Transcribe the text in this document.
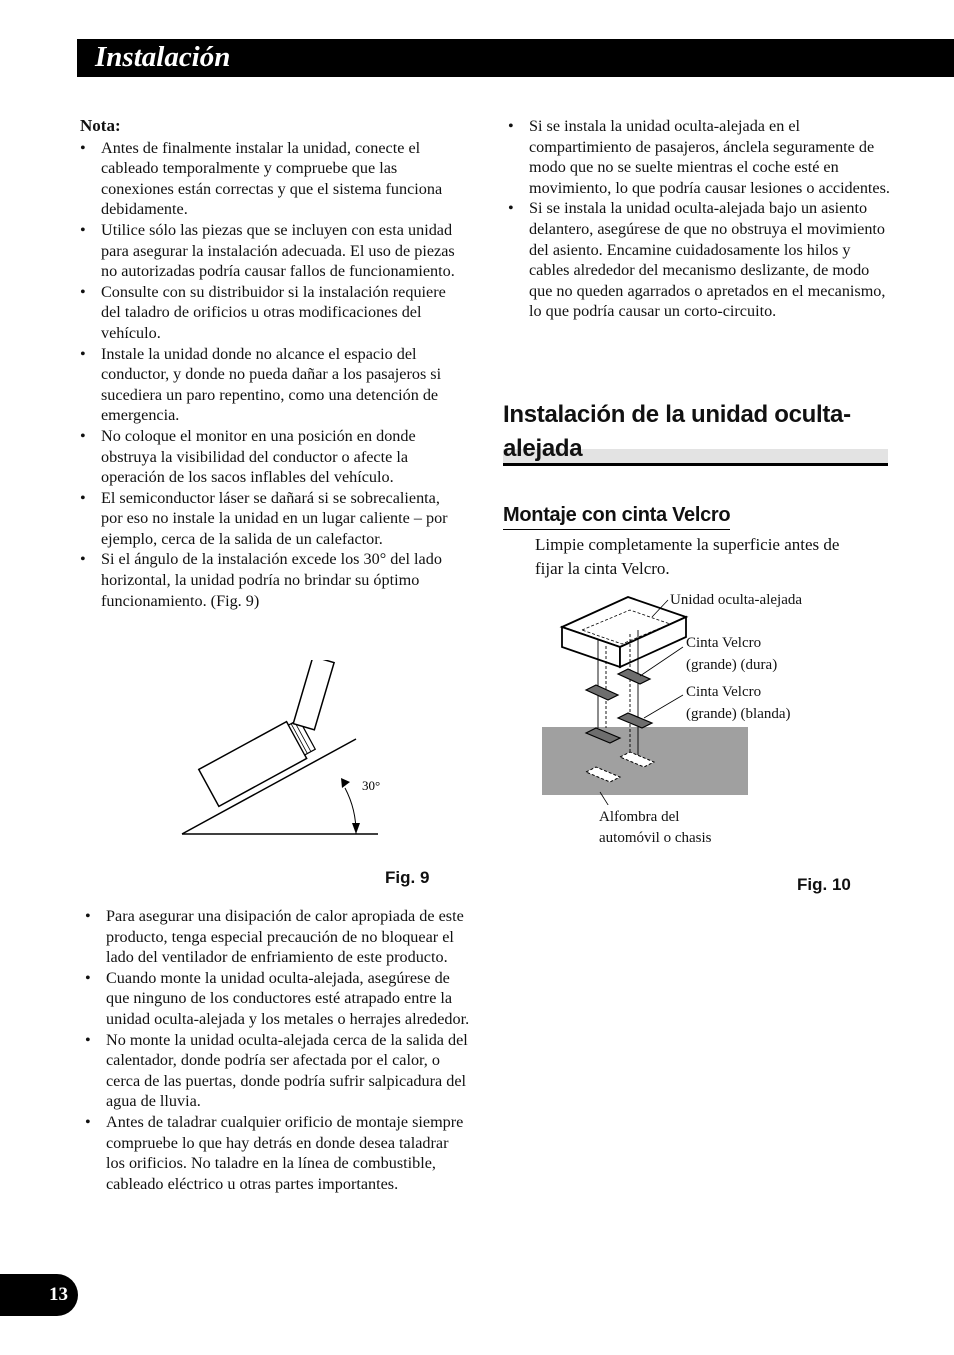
Instalación
Nota:
• Antes de finalmente instalar la unidad, conecte el cableado temporalmente y compruebe que las conexiones están correctas y que el sistema funciona debidamente.
• Utilice sólo las piezas que se incluyen con esta unidad para asegurar la instalación adecuada. El uso de piezas no autorizadas podría causar fallos de funcionamiento.
• Consulte con su distribuidor si la instalación requiere del taladro de orificios u otras modificaciones del vehículo.
• Instale la unidad donde no alcance el espacio del conductor, y donde no pueda dañar a los pasajeros si sucediera un paro repentino, como una detención de emergencia.
• No coloque el monitor en una posición en donde obstruya la visibilidad del conductor o afecte la operación de los sacos inflables del vehículo.
• El semiconductor láser se dañará si se sobrecalienta, por eso no instale la unidad en un lugar caliente – por ejemplo, cerca de la salida de un calefactor.
• Si el ángulo de la instalación excede los 30° del lado horizontal, la unidad podría no brindar su óptimo funcionamiento. (Fig. 9)
30°
Fig. 9
• Para asegurar una disipación de calor apropiada de este producto, tenga especial precaución de no bloquear el lado del ventilador de enfriamiento de este producto.
• Cuando monte la unidad oculta-alejada, asegúrese de que ninguno de los conductores esté atrapado entre la unidad oculta-alejada y los metales o herrajes alrededor.
• No monte la unidad oculta-alejada cerca de la salida del calentador, donde podría ser afectada por el calor, o cerca de las puertas, donde podría sufrir salpicadura del agua de lluvia.
• Antes de taladrar cualquier orificio de montaje siempre compruebe lo que hay detrás en donde desea taladrar los orificios. No taladre en la línea de combustible, cableado eléctrico u otras partes importantes.
• Si se instala la unidad oculta-alejada en el compartimiento de pasajeros, ánclela seguramente de modo que no se suelte mientras el coche esté en movimiento, lo que podría causar lesiones o accidentes.
• Si se instala la unidad oculta-alejada bajo un asiento delantero, asegúrese de que no obstruya el movimiento del asiento. Encamine cuidadosamente los hilos y cables alrededor del mecanismo deslizante, de modo que no queden agarrados o apretados en el mecanismo, lo que podría causar un corto-circuito.
Instalación de la unidad oculta-alejada
Montaje con cinta Velcro
Limpie completamente la superficie antes de fijar la cinta Velcro.
Unidad oculta-alejada
Cinta Velcro
(grande) (dura)
Cinta Velcro
(grande) (blanda)
Alfombra del
automóvil o chasis
Fig. 10
13
